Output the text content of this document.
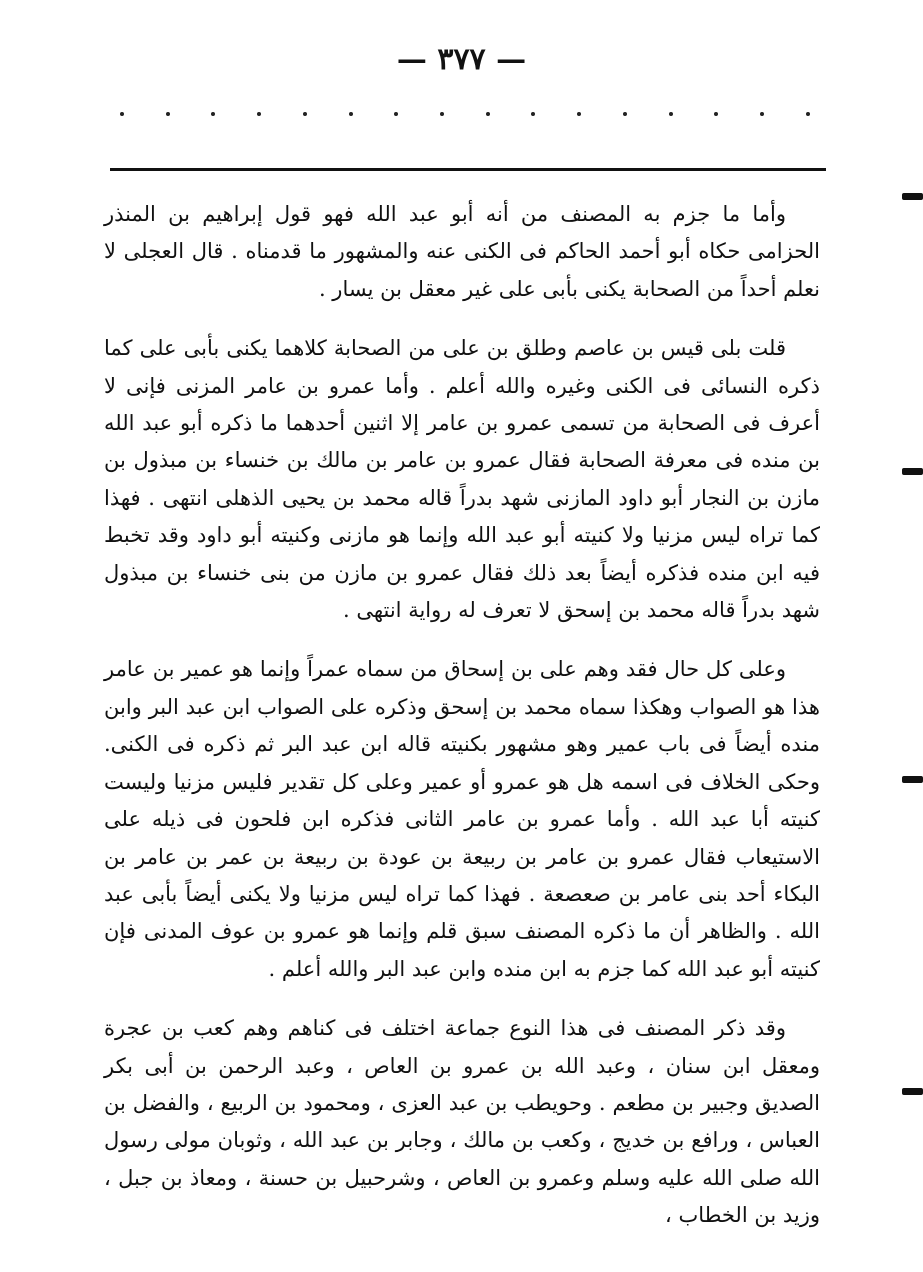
— ٣٧٧ —

وأما ما جزم به المصنف من أنه أبو عبد الله فهو قول إبراهيم بن المنذر الحزامى حكاه أبو أحمد الحاكم فى الكنى عنه والمشهور ما قدمناه . قال العجلى لا نعلم أحداً من الصحابة يكنى بأبى على غير معقل بن يسار .

قلت بلى قيس بن عاصم وطلق بن على من الصحابة كلاهما يكنى بأبى على كما ذكره النسائى فى الكنى وغيره والله أعلم . وأما عمرو بن عامر المزنى فإنى لا أعرف فى الصحابة من تسمى عمرو بن عامر إلا اثنين أحدهما ما ذكره أبو عبد الله بن منده فى معرفة الصحابة فقال عمرو بن عامر بن مالك بن خنساء بن مبذول بن مازن بن النجار أبو داود المازنى شهد بدراً قاله محمد بن يحيى الذهلى انتهى . فهذا كما تراه ليس مزنيا ولا كنيته أبو عبد الله وإنما هو مازنى وكنيته أبو داود وقد تخبط فيه ابن منده فذكره أيضاً بعد ذلك فقال عمرو بن مازن من بنى خنساء بن مبذول شهد بدراً قاله محمد بن إسحق لا تعرف له رواية انتهى .

وعلى كل حال فقد وهم على بن إسحاق من سماه عمراً وإنما هو عمير بن عامر هذا هو الصواب وهكذا سماه محمد بن إسحق وذكره على الصواب ابن عبد البر وابن منده أيضاً فى باب عمير وهو مشهور بكنيته قاله ابن عبد البر ثم ذكره فى الكنى. وحكى الخلاف فى اسمه هل هو عمرو أو عمير وعلى كل تقدير فليس مزنيا وليست كنيته أبا عبد الله . وأما عمرو بن عامر الثانى فذكره ابن فلحون فى ذيله على الاستيعاب فقال عمرو بن عامر بن ربيعة بن عودة بن ربيعة بن عمر بن عامر بن البكاء أحد بنى عامر بن صعصعة . فهذا كما تراه ليس مزنيا ولا يكنى أيضاً بأبى عبد الله . والظاهر أن ما ذكره المصنف سبق قلم وإنما هو عمرو بن عوف المدنى فإن كنيته أبو عبد الله كما جزم به ابن منده وابن عبد البر والله أعلم .

وقد ذكر المصنف فى هذا النوع جماعة اختلف فى كناهم وهم كعب بن عجرة ومعقل ابن سنان ، وعبد الله بن عمرو بن العاص ، وعبد الرحمن بن أبى بكر الصديق وجبير بن مطعم . وحويطب بن عبد العزى ، ومحمود بن الربيع ، والفضل بن العباس ، ورافع بن خديج ، وكعب بن مالك ، وجابر بن عبد الله ، وثوبان مولى رسول الله صلى الله عليه وسلم وعمرو بن العاص ، وشرحبيل بن حسنة ، ومعاذ بن جبل ، وزيد بن الخطاب ،
